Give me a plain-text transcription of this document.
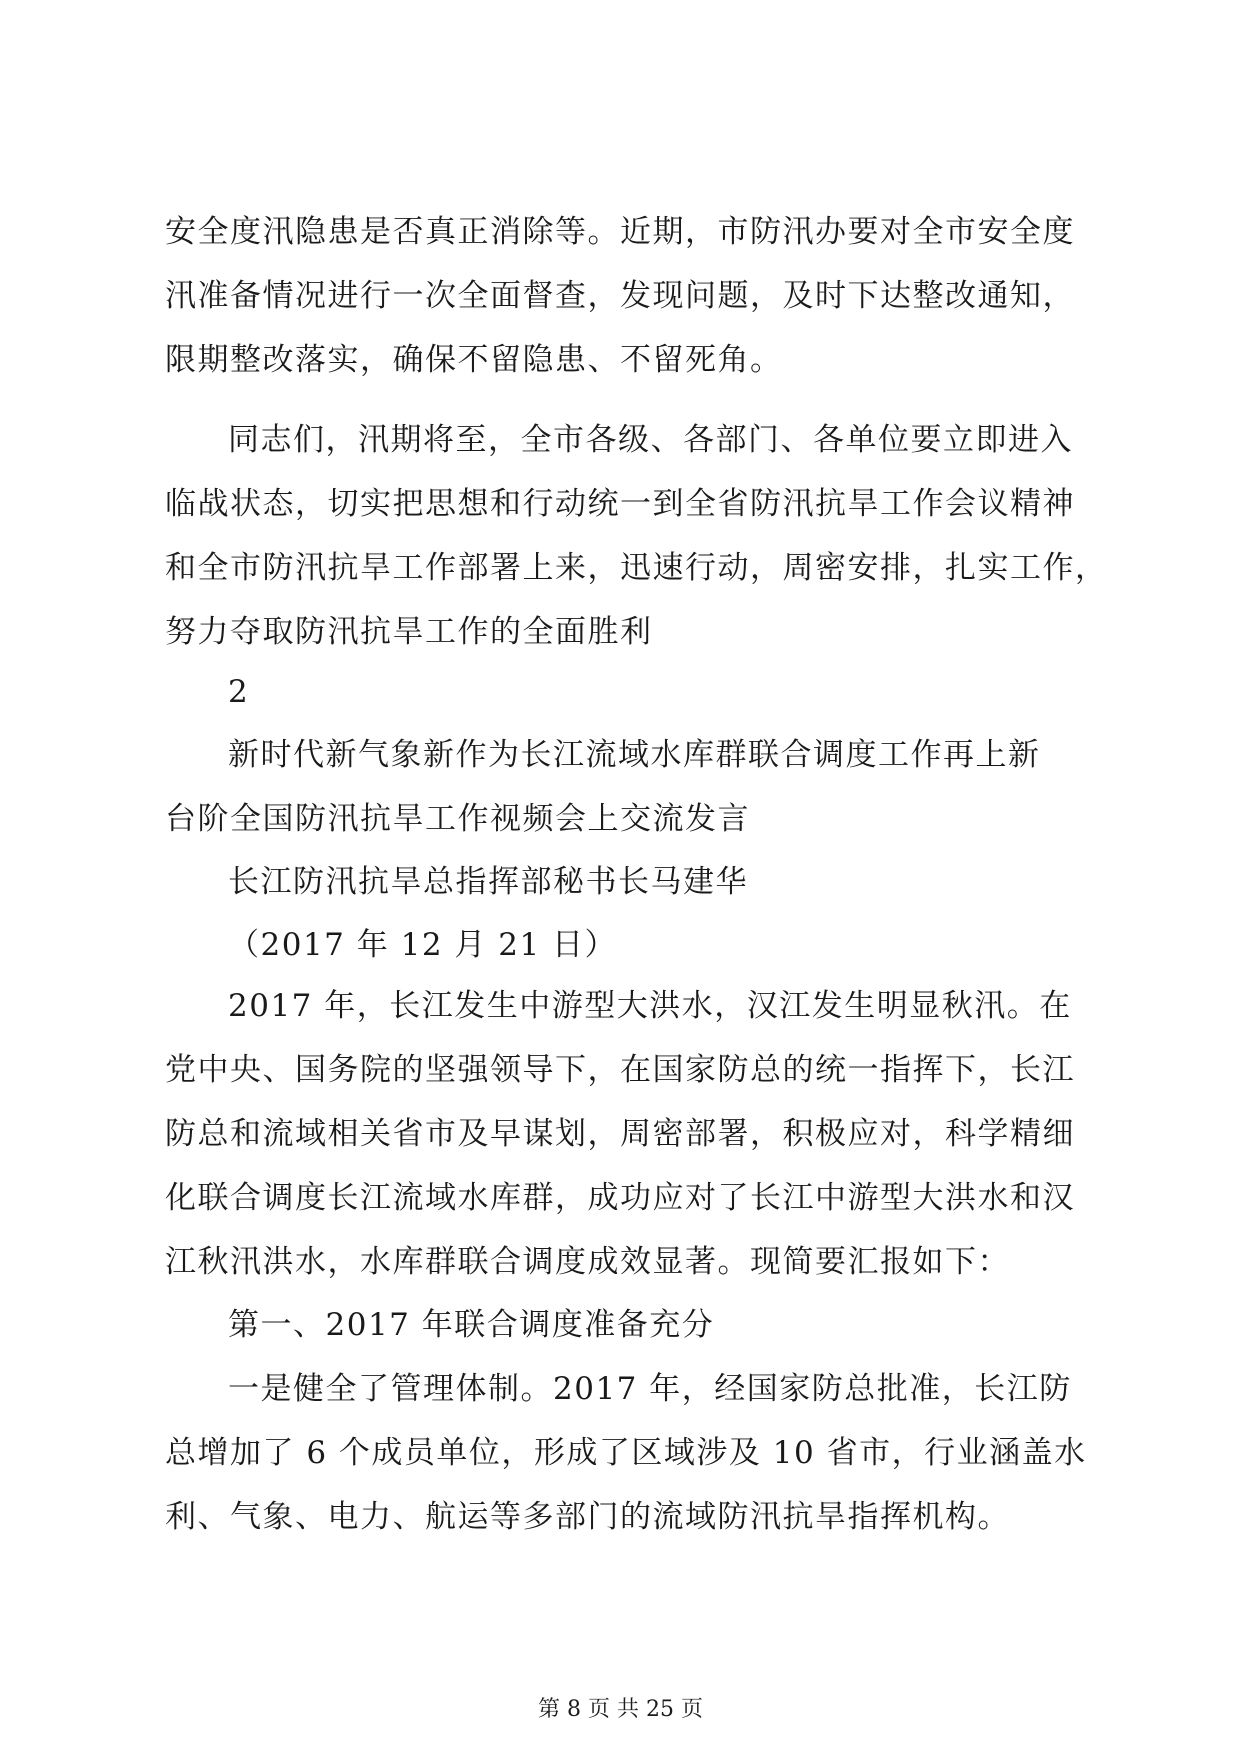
安全度汛隐患是否真正消除等。近期，市防汛办要对全市安全度
汛准备情况进行一次全面督查，发现问题，及时下达整改通知，
限期整改落实，确保不留隐患、不留死角。
同志们，汛期将至，全市各级、各部门、各单位要立即进入
临战状态，切实把思想和行动统一到全省防汛抗旱工作会议精神
和全市防汛抗旱工作部署上来，迅速行动，周密安排，扎实工作，
努力夺取防汛抗旱工作的全面胜利
2
新时代新气象新作为长江流域水库群联合调度工作再上新
台阶全国防汛抗旱工作视频会上交流发言
长江防汛抗旱总指挥部秘书长马建华
（2017 年 12 月 21 日）
2017 年，长江发生中游型大洪水，汉江发生明显秋汛。在
党中央、国务院的坚强领导下，在国家防总的统一指挥下，长江
防总和流域相关省市及早谋划，周密部署，积极应对，科学精细
化联合调度长江流域水库群，成功应对了长江中游型大洪水和汉
江秋汛洪水，水库群联合调度成效显著。现简要汇报如下：
第一、2017 年联合调度准备充分
一是健全了管理体制。2017 年，经国家防总批准，长江防
总增加了 6 个成员单位，形成了区域涉及 10 省市，行业涵盖水
利、气象、电力、航运等多部门的流域防汛抗旱指挥机构。
第 8 页 共 25 页
